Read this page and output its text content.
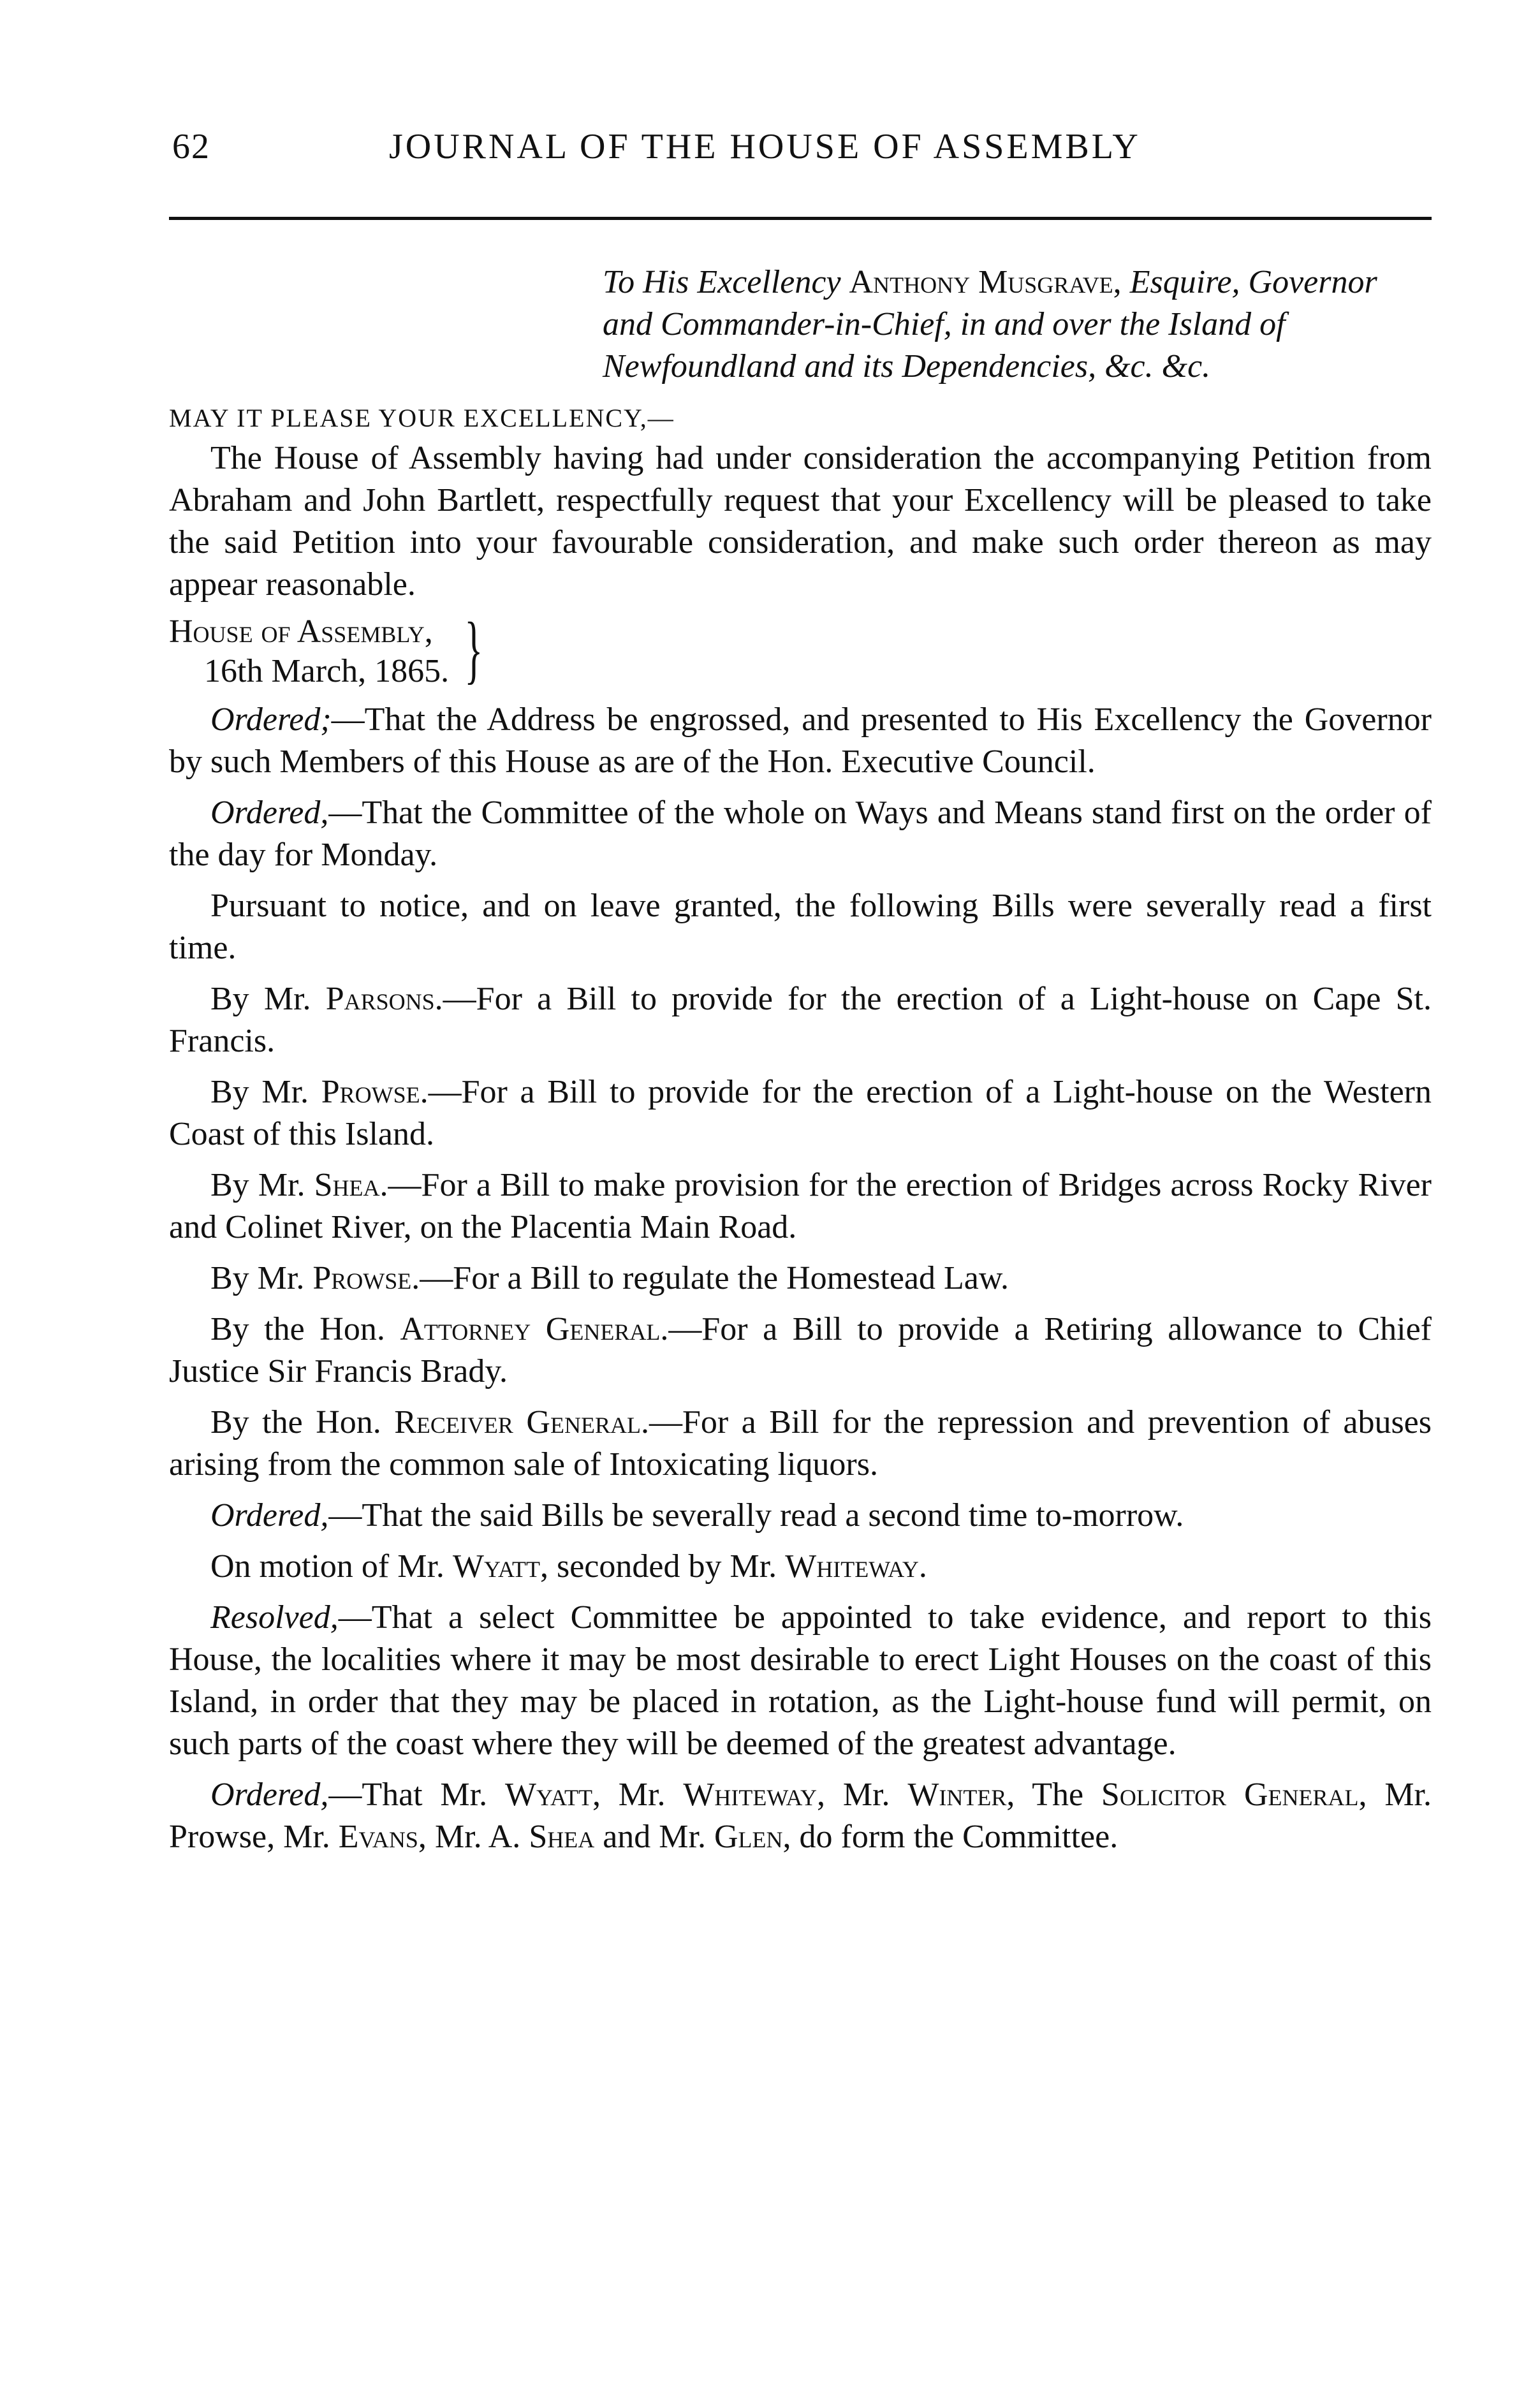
62	JOURNAL OF THE HOUSE OF ASSEMBLY
To His Excellency Anthony Musgrave, Esquire, Governor and Commander-in-Chief, in and over the Island of Newfoundland and its Dependencies, &c. &c.
MAY IT PLEASE YOUR EXCELLENCY,—

The House of Assembly having had under consideration the accompanying Petition from Abraham and John Bartlett, respectfully request that your Excellency will be pleased to take the said Petition into your favourable consideration, and make such order thereon as may appear reasonable.

House of Assembly,
16th March, 1865. }

Ordered;—That the Address be engrossed, and presented to His Excellency the Governor by such Members of this House as are of the Hon. Executive Council.

Ordered,—That the Committee of the whole on Ways and Means stand first on the order of the day for Monday.

Pursuant to notice, and on leave granted, the following Bills were severally read a first time.

By Mr. Parsons.—For a Bill to provide for the erection of a Light-house on Cape St. Francis.

By Mr. Prowse.—For a Bill to provide for the erection of a Light-house on the Western Coast of this Island.

By Mr. Shea.—For a Bill to make provision for the erection of Bridges across Rocky River and Colinet River, on the Placentia Main Road.

By Mr. Prowse.—For a Bill to regulate the Homestead Law.

By the Hon. Attorney General.—For a Bill to provide a Retiring allowance to Chief Justice Sir Francis Brady.

By the Hon. Receiver General.—For a Bill for the repression and prevention of abuses arising from the common sale of Intoxicating liquors.

Ordered,—That the said Bills be severally read a second time to-morrow.

On motion of Mr. Wyatt, seconded by Mr. Whiteway.

Resolved,—That a select Committee be appointed to take evidence, and report to this House, the localities where it may be most desirable to erect Light Houses on the coast of this Island, in order that they may be placed in rotation, as the Light-house fund will permit, on such parts of the coast where they will be deemed of the greatest advantage.

Ordered,—That Mr. Wyatt, Mr. Whiteway, Mr. Winter, The Solicitor General, Mr. Prowse, Mr. Evans, Mr. A. Shea and Mr. Glen, do form the Committee.
